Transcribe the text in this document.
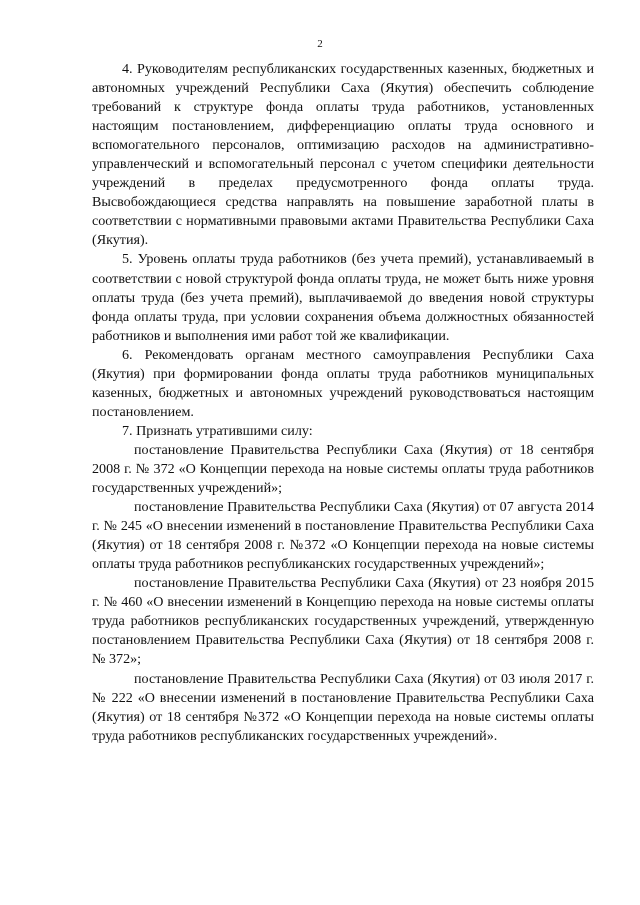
2

4. Руководителям республиканских государственных казенных, бюджетных и автономных учреждений Республики Саха (Якутия) обеспечить соблюдение требований к структуре фонда оплаты труда работников, установленных настоящим постановлением, дифференциацию оплаты труда основного и вспомогательного персоналов, оптимизацию расходов на административно-управленческий и вспомогательный персонал с учетом специфики деятельности учреждений в пределах предусмотренного фонда оплаты труда. Высвобождающиеся средства направлять на повышение заработной платы в соответствии с нормативными правовыми актами Правительства Республики Саха (Якутия).

5. Уровень оплаты труда работников (без учета премий), устанавливаемый в соответствии с новой структурой фонда оплаты труда, не может быть ниже уровня оплаты труда (без учета премий), выплачиваемой до введения новой структуры фонда оплаты труда, при условии сохранения объема должностных обязанностей работников и выполнения ими работ той же квалификации.

6. Рекомендовать органам местного самоуправления Республики Саха (Якутия) при формировании фонда оплаты труда работников муниципальных казенных, бюджетных и автономных учреждений руководствоваться настоящим постановлением.

7. Признать утратившими силу:

постановление Правительства Республики Саха (Якутия) от 18 сентября 2008 г. № 372 «О Концепции перехода на новые системы оплаты труда работников государственных учреждений»;

постановление Правительства Республики Саха (Якутия) от 07 августа 2014 г. № 245 «О внесении изменений в постановление Правительства Республики Саха (Якутия) от 18 сентября 2008 г. №372 «О Концепции перехода на новые системы оплаты труда работников республиканских государственных учреждений»;

постановление Правительства Республики Саха (Якутия) от 23 ноября 2015 г. № 460 «О внесении изменений в Концепцию перехода на новые системы оплаты труда работников республиканских государственных учреждений, утвержденную постановлением Правительства Республики Саха (Якутия) от 18 сентября 2008 г. № 372»;

постановление Правительства Республики Саха (Якутия) от 03 июля 2017 г. № 222 «О внесении изменений в постановление Правительства Республики Саха (Якутия) от 18 сентября №372 «О Концепции перехода на новые системы оплаты труда работников республиканских государственных учреждений».
